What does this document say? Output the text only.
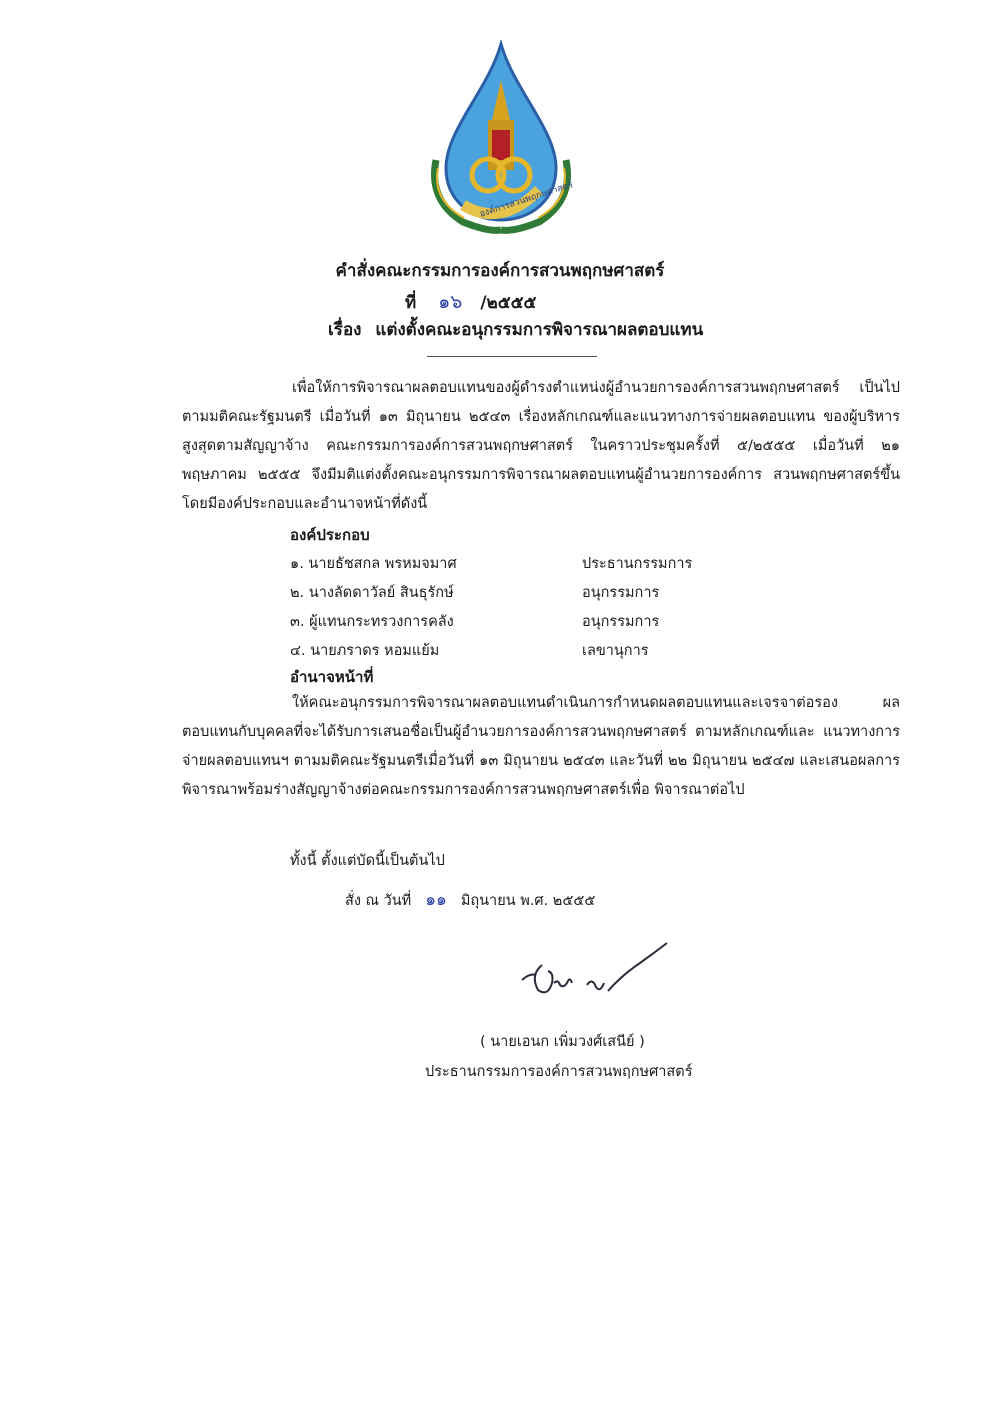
องค์การสวนพฤกษศาสตร์
คำสั่งคณะกรรมการองค์การสวนพฤกษศาสตร์
ที่ ๑๖ /๒๕๕๕
เรื่อง แต่งตั้งคณะอนุกรรมการพิจารณาผลตอบแทน

เพื่อให้การพิจารณาผลตอบแทนของผู้ดำรงตำแหน่งผู้อำนวยการองค์การสวนพฤกษศาสตร์ เป็นไปตามมติคณะรัฐมนตรี เมื่อวันที่ ๑๓ มิถุนายน ๒๕๔๓ เรื่องหลักเกณฑ์และแนวทางการจ่ายผลตอบแทน ของผู้บริหารสูงสุดตามสัญญาจ้าง คณะกรรมการองค์การสวนพฤกษศาสตร์ ในคราวประชุมครั้งที่ ๕/๒๕๕๕ เมื่อวันที่ ๒๑ พฤษภาคม ๒๕๕๕ จึงมีมติแต่งตั้งคณะอนุกรรมการพิจารณาผลตอบแทนผู้อำนวยการองค์การ สวนพฤกษศาสตร์ขึ้น โดยมีองค์ประกอบและอำนาจหน้าที่ดังนี้

องค์ประกอบ
๑. นายธัชสกล พรหมจมาศ	ประธานกรรมการ
๒. นางลัดดาวัลย์ สินธุรักษ์	อนุกรรมการ
๓. ผู้แทนกระทรวงการคลัง	อนุกรรมการ
๔. นายภราดร หอมแย้ม	เลขานุการ
อำนาจหน้าที่

ให้คณะอนุกรรมการพิจารณาผลตอบแทนดำเนินการกำหนดผลตอบแทนและเจรจาต่อรอง ผลตอบแทนกับบุคคลที่จะได้รับการเสนอชื่อเป็นผู้อำนวยการองค์การสวนพฤกษศาสตร์ ตามหลักเกณฑ์และ แนวทางการจ่ายผลตอบแทนฯ ตามมติคณะรัฐมนตรีเมื่อวันที่ ๑๓ มิถุนายน ๒๕๔๓ และวันที่ ๒๒ มิถุนายน ๒๕๔๗ และเสนอผลการพิจารณาพร้อมร่างสัญญาจ้างต่อคณะกรรมการองค์การสวนพฤกษศาสตร์เพื่อ พิจารณาต่อไป

ทั้งนี้ ตั้งแต่บัดนี้เป็นต้นไป
สั่ง ณ วันที่ ๑๑ มิถุนายน พ.ศ. ๒๕๕๕
( นายเอนก เพิ่มวงศ์เสนีย์ )
ประธานกรรมการองค์การสวนพฤกษศาสตร์
